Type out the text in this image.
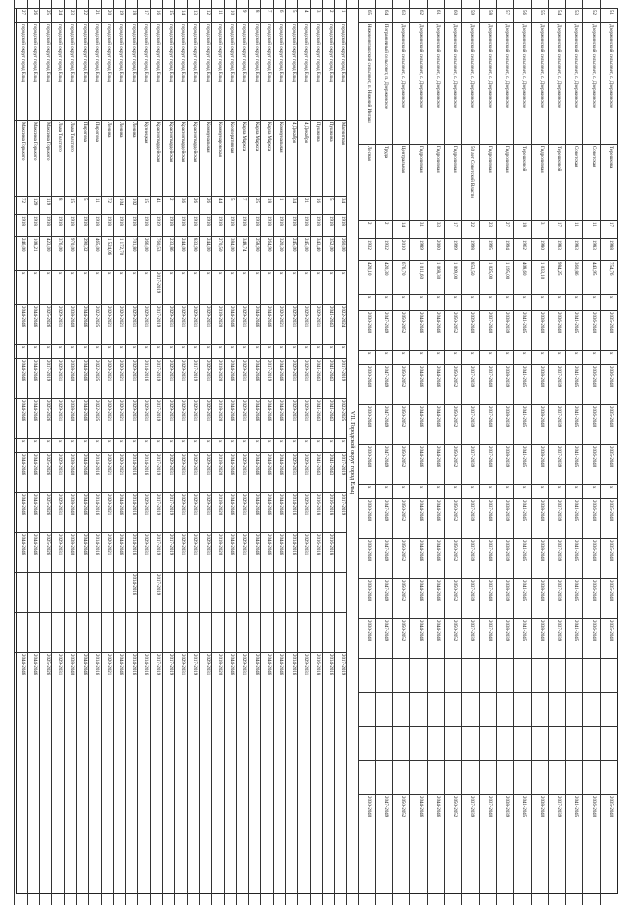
51
Дзержинский сельсовет, с. Дзержинское
Терешкова
17
1988
754,76
x
2035-2040
x
2036-2040
2035-2040
2035-2040
x
2035-2040
2035-2040
2035-2040
2035-2040
2035-2040
52
Дзержинский сельсовет, с. Дзержинское
Советская
11
1983
443,95
x
2036-2040
x
2036-2040
2036-2040
2036-2040
x
2036-2040
2036-2040
2036-2040
2036-2040
2036-2040
53
Дзержинский сельсовет, с. Дзержинское
Советская
11
1983
360,86
x
2041-2045
x
2041-2045
2041-2045
2041-2045
x
2041-2045
2041-2045
2041-2045
2041-2045
2041-2045
54
Дзержинский сельсовет, с. Дзержинское
Терешковой
17
1983
984,25
x
2036-2040
x
2037-2039
2037-2039
2037-2039
x
2037-2039
2037-2039
2037-2039
2037-2039
2037-2039
55
Дзержинский сельсовет, с. Дзержинское
Гидролизная
3
1980
1 033,10
x
2038-2040
x
2038-2040
2038-2040
2038-2040
x
2038-2040
2038-2040
2038-2040
2038-2040
2038-2040
56
Дзержинский сельсовет, с. Дзержинское
Терешковой
18
1962
408,60
x
2041-2045
x
2041-2045
2041-2045
2041-2045
x
2041-2045
2041-2045
2041-2045
2041-2045
2041-2045
57
Дзержинский сельсовет, с. Дзержинское
Гидролизная
27
1994
1 195,00
x
2038-2039
x
2038-2039
2038-2039
2038-2039
x
2038-2039
2038-2039
2038-2039
2038-2039
2038-2039
58
Дзержинский сельсовет, с. Дзержинское
Гидролизная
23
1995
1 025,00
x
2037-2040
x
2037-2040
2037-2040
2037-2040
x
2037-2040
2037-2040
2037-2040
2037-2040
2037-2040
59
Дзержинский сельсовет, с. Дзержинское
50 лет Советской Власти
22
1998
853,50
x
2039-2040
x
2037-2039
2037-2039
2037-2039
x
2037-2039
2037-2039
2037-2039
2037-2039
2037-2039
60
Дзержинский сельсовет, с. Дзержинское
Гидролизная
17
1999
1 009,00
x
2050-2052
x
2050-2052
2050-2052
2050-2052
x
2050-2052
2050-2052
2050-2052
2050-2052
2050-2052
61
Дзержинский сельсовет, с. Дзержинское
Гидролизная
33
2000
1 068,30
x
2044-2046
x
2044-2046
2044-2046
2044-2046
x
2044-2046
2044-2046
2044-2046
2044-2046
2044-2046
62
Дзержинский сельсовет, с. Дзержинское
Гидролизная
31
1989
1 011,60
x
2044-2046
x
2044-2046
2044-2046
2044-2046
x
2044-2046
2044-2046
2044-2046
2044-2046
2044-2046
63
Дзержинский сельсовет, с. Дзержинское
Центральная
14
2010
676,70
x
2050-2052
x
2050-2052
2050-2052
2050-2052
x
2050-2052
2050-2052
2050-2052
2050-2052
2050-2052
64
Пограничный сельсовет, п. Дзержинское
Труда
2
1932
420,30
x
2047-2049
x
2047-2049
2047-2049
2047-2049
x
2047-2049
2047-2049
2047-2049
2047-2049
2047-2049
65
Нижнеингашский сельсовет, п. Нижний Ингаш
Лесная
2
1932
420,10
x
2030-2040
x
2030-2040
2030-2040
2030-2040
x
2030-2040
2030-2040
2030-2040
2030-2040
2030-2040
VII. Городской округ город Ельц
1
городской округ город Ельц
Магнитная
34
1918
260,00
x
2022-2024
x
2017-2019
2022-2025
x
2017-2019
2017-2019
2017-2019
2
городской округ город Ельц
Пушкина
5
1918
352,00
x
2041-2043
x
2041-2043
2041-2043
x
2041-2043
2016-2018
2016-2018
2014-2016
3
городской округ город Ельц
Пушкина
16
1918
343,40
x
2029-2031
x
2041-2043
2041-2043
x
2041-2043
2016-2018
2016-2018
2016-2018
4
городской округ город Ельц
4 Декабря
21
1918
245,00
x
2029-2031
x
2029-2031
2029-2031
x
2029-2031
2029-2031
2029-2031
2029-2031
5
городской округ город Ельц
4 Декабря
34
1918
245,00
x
2029-2031
x
2029-2031
2029-2031
x
2029-2031
2014-2016
2014-2016
2014-2016
6
городской округ город Ельц
Коммунальная
1
1918
320,30
x
2020-2021
x
2044-2046
2044-2046
x
2044-2046
2044-2046
2044-2046
2044-2046
7
городской округ город Ельц
Карла Маркса
18
1918
264,90
x
2044-2046
x
2017-2019
2044-2046
x
2044-2046
2044-2046
2044-2046
2044-2046
8
городской округ город Ельц
Карла Маркса
25
1918
258,90
x
2044-2046
x
2044-2046
2044-2046
x
2044-2046
2044-2046
2044-2046
2044-2046
9
городской округ город Ельц
Карла Маркса
7
1918
348,74
x
2029-2031
x
2029-2031
2029-2031
x
2029-2031
2029-2031
2029-2031
2029-2031
10
городской округ город Ельц
Кооперативная
5
1918
384,00
x
2044-2046
x
2044-2046
2044-2046
x
2044-2046
2044-2046
2044-2046
2044-2046
11
городской округ город Ельц
Коммунаровская
44
1918
270,50
x
2018-2020
x
2018-2020
2018-2020
x
2018-2020
2018-2020
2018-2020
2018-2020
12
городской округ город Ельц
Коммунальная
26
1918
244,00
x
2029-2031
x
2029-2031
2029-2031
x
2029-2031
2029-2031
2029-2031
2029-2031
13
городской округ город Ельц
Красногвардейская
26
1918
833,90
x
2029-2031
x
2017-2019
2029-2031
x
2029-2031
2029-2031
2029-2031
2017-2019
14
городской округ город Ельц
Красногвардейская
36
1918
244,00
x
2029-2031
x
2029-2031
2029-2031
x
2029-2031
2029-2031
2029-2031
2029-2031
15
городской округ город Ельц
Красногвардейская
2
1918
233,86
x
2029-2031
x
2029-2031
2029-2031
x
2029-2031
2017-2019
2017-2019
2017-2019
16
городской округ город Ельц
Красногвардейская
41
1919
760,53
2017-2019
2017-2019
x
2017-2019
2017-2019
x
2017-2019
2017-2019
2017-2019
2017-2019
2017-2019
17
городской округ город Ельц
Кузнецкая
15
1918
266,00
x
2029-2031
x
2014-2016
2029-2031
x
2014-2016
2029-2031
2029-2031
2014-2016
18
городской округ город Ельц
Ленина
102
1918
701,80
x
2029-2031
x
2029-2031
2029-2031
x
2014-2016
2014-2016
2014-2016
2014-2016
2014-2016
19
городской округ город Ельц
Ленина
104
1918
1 172,70
x
2020-2021
x
2020-2021
2020-2021
x
2020-2021
2044-2046
2044-2046
2044-2046
20
городской округ город Ельц
Ленина
72
1918
1 524,06
x
2020-2021
x
2020-2021
2020-2021
x
2020-2021
2020-2021
2020-2021
2020-2021
21
городской округ город Ельц
Пирогова
11
1918
465,00
x
2022-2025
x
2022-2025
2022-2025
x
2014-2016
2014-2016
2014-2016
2014-2016
22
городской округ город Ельц
Пирогова
5
1918
290,32
x
2044-2046
x
2044-2046
2044-2046
x
2044-2046
2044-2046
2044-2046
2044-2046
23
городской округ город Ельц
Льва Толстого
15
1918
970,00
x
2038-2040
x
2038-2040
2038-2040
x
2038-2040
2038-2040
2038-2040
2038-2040
24
городской округ город Ельц
Льва Толстого
8
1918
376,00
x
2029-2031
x
2029-2031
2029-2031
x
2029-2031
2029-2031
2029-2031
2029-2031
25
городской округ город Ельц
Максима Горького
119
1918
423,00
x
2025-2026
x
2017-2019
2025-2026
x
2025-2026
2025-2026
2025-2026
2025-2026
26
городской округ город Ельц
Максима Горького
129
1918
108,21
x
2044-2046
x
2044-2046
2044-2046
x
2044-2046
2044-2046
2044-2046
2044-2046
27
городской округ город Ельц
Максима Горького
72
1918
246,00
x
2044-2046
x
2044-2046
2044-2046
x
2044-2046
2044-2046
2044-2046
2044-2046
